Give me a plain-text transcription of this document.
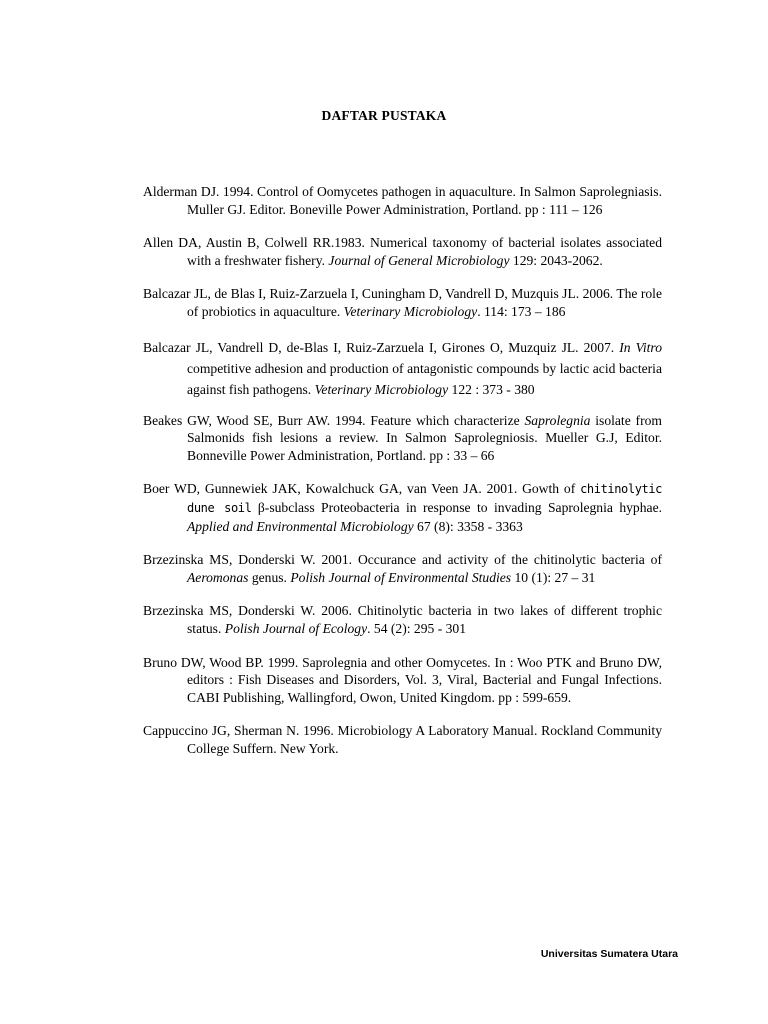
DAFTAR PUSTAKA
Alderman DJ. 1994. Control of Oomycetes pathogen in aquaculture. In Salmon Saprolegniasis. Muller GJ. Editor. Boneville Power Administration, Portland. pp : 111 – 126
Allen DA, Austin B, Colwell RR.1983. Numerical taxonomy of bacterial isolates associated with a freshwater fishery. Journal of General Microbiology 129: 2043-2062.
Balcazar JL, de Blas I, Ruiz-Zarzuela I, Cuningham D, Vandrell D, Muzquis JL. 2006. The role of probiotics in aquaculture. Veterinary Microbiology. 114: 173 – 186
Balcazar JL, Vandrell D, de-Blas I, Ruiz-Zarzuela I, Girones O, Muzquiz JL. 2007. In Vitro competitive adhesion and production of antagonistic compounds by lactic acid bacteria against fish pathogens. Veterinary Microbiology 122 : 373 - 380
Beakes GW, Wood SE, Burr AW. 1994. Feature which characterize Saprolegnia isolate from Salmonids fish lesions a review. In Salmon Saprolegniosis. Mueller G.J, Editor. Bonneville Power Administration, Portland. pp : 33 – 66
Boer WD, Gunnewiek JAK, Kowalchuck GA, van Veen JA. 2001. Gowth of chitinolytic dune soil β-subclass Proteobacteria in response to invading Saprolegnia hyphae. Applied and Environmental Microbiology 67 (8): 3358 - 3363
Brzezinska MS, Donderski W. 2001. Occurance and activity of the chitinolytic bacteria of Aeromonas genus. Polish Journal of Environmental Studies 10 (1): 27 – 31
Brzezinska MS, Donderski W. 2006. Chitinolytic bacteria in two lakes of different trophic status. Polish Journal of Ecology. 54 (2): 295 - 301
Bruno DW, Wood BP. 1999. Saprolegnia and other Oomycetes. In : Woo PTK and Bruno DW, editors : Fish Diseases and Disorders, Vol. 3, Viral, Bacterial and Fungal Infections. CABI Publishing, Wallingford, Owon, United Kingdom. pp : 599-659.
Cappuccino JG, Sherman N. 1996. Microbiology A Laboratory Manual. Rockland Community College Suffern. New York.
Universitas Sumatera Utara
